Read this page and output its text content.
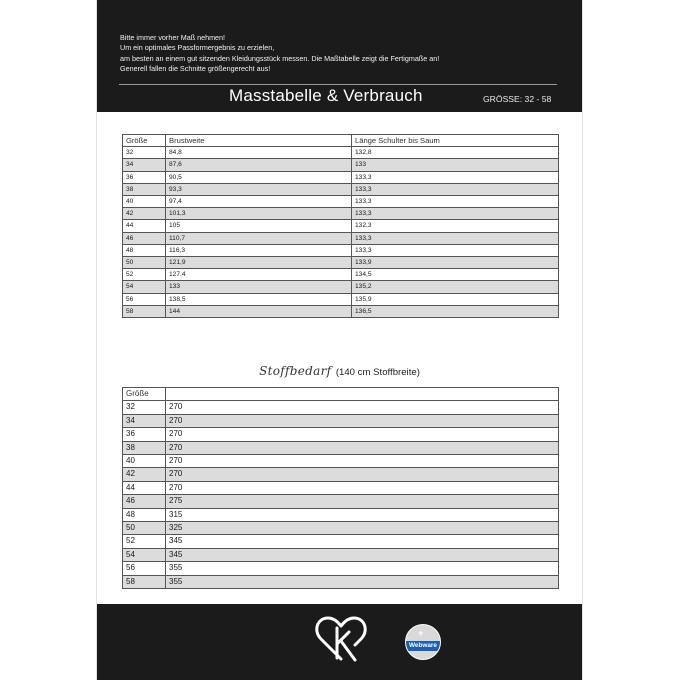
Bitte immer vorher Maß nehmen!
Um ein optimales Passformergebnis zu erzielen,
am besten an einem gut sitzenden Kleidungsstück messen. Die Maßtabelle zeigt die Fertigmaße an!
Generell fallen die Schnitte größengerecht aus!
Masstabelle & Verbrauch	GRÖSSE: 32 - 58
Größe	Brustweite	Länge Schulter bis Saum
32	84,8	132,8
34	87,6	133
36	90,5	133,3
38	93,3	133,3
40	97,4	133,3
42	101,3	133,3
44	105	132,3
46	110,7	133,3
48	116,3	133,3
50	121,9	133,9
52	127,4	134,5
54	133	135,2
56	138,5	135,9
58	144	136,5
Stoffbedarf (140 cm Stoffbreite)
Größe	
32	270
34	270
36	270
38	270
40	270
42	270
44	270
46	275
48	315
50	325
52	345
54	345
56	355
58	355
+
Webware
